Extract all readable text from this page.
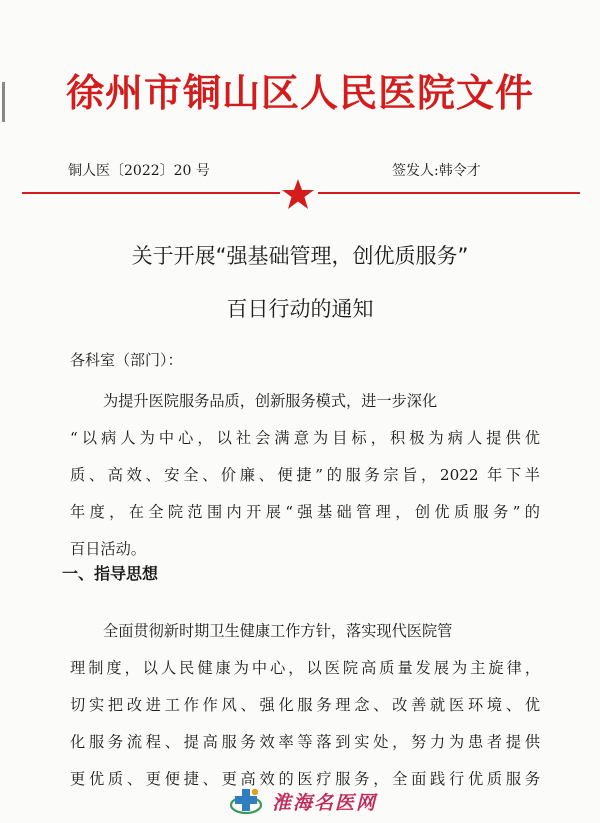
徐州市铜山区人民医院文件
铜人医〔2022〕20 号	签发人:韩令才
关于开展“强基础管理，创优质服务”
百日行动的通知
各科室（部门）：
为提升医院服务品质，创新服务模式，进一步深化
“以病人为中心，以社会满意为目标，积极为病人提供优
质、高效、安全、价廉、便捷”的服务宗旨，2022 年下半
年度，在全院范围内开展“强基础管理，创优质服务”的
百日活动。
一、指导思想
全面贯彻新时期卫生健康工作方针，落实现代医院管
理制度，以人民健康为中心，以医院高质量发展为主旋律，
切实把改进工作作风、强化服务理念、改善就医环境、优
化服务流程、提高服务效率等落到实处，努力为患者提供
更优质、更便捷、更高效的医疗服务，全面践行优质服务
淮海名医网
